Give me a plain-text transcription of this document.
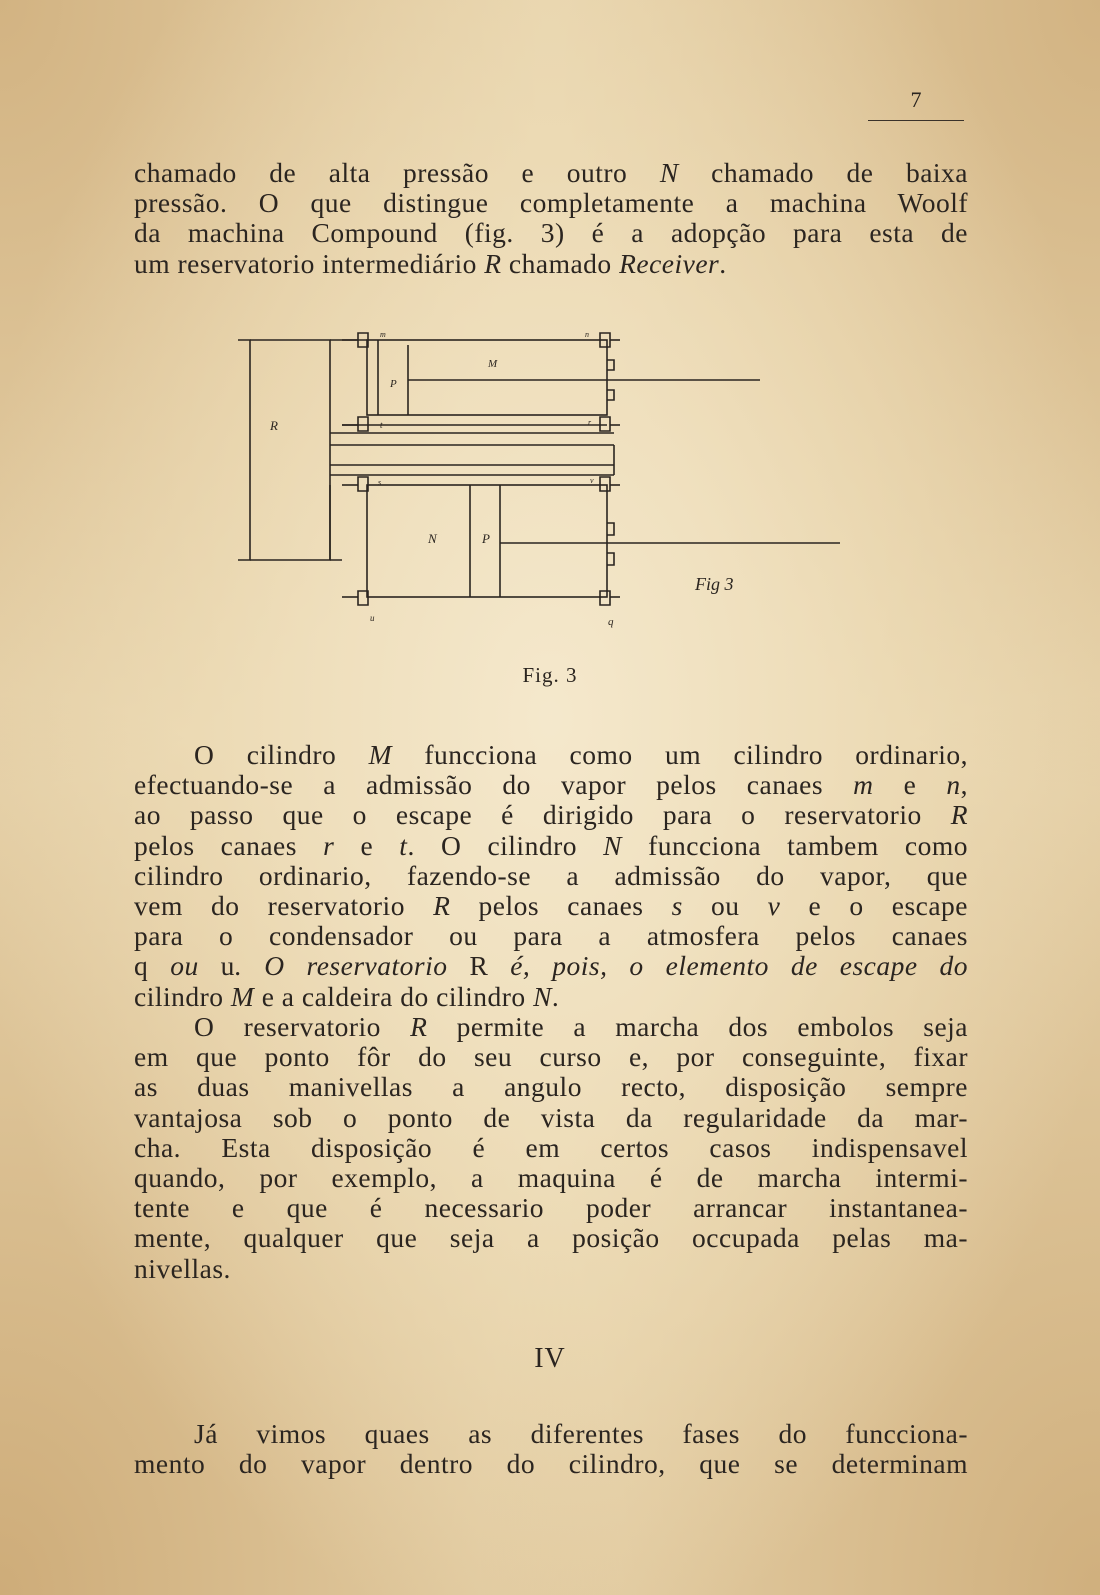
7
chamado de alta pressão e outro N chamado de baixa
pressão. O que distingue completamente a machina Woolf
da machina Compound (fig. 3) é a adopção para esta de
um reservatorio intermediário R chamado Receiver.
R
M
P
N	P
m	n
t	r
s	v
u	q
Fig 3
Fig. 3
O cilindro M funcciona como um cilindro ordinario,
efectuando-se a admissão do vapor pelos canaes m e n,
ao passo que o escape é dirigido para o reservatorio R
pelos canaes r e t. O cilindro N funcciona tambem como
cilindro ordinario, fazendo-se a admissão do vapor, que
vem do reservatorio R pelos canaes s ou v e o escape
para o condensador ou para a atmosfera pelos canaes
q ou u. O reservatorio R é, pois, o elemento de escape do
cilindro M e a caldeira do cilindro N.
O reservatorio R permite a marcha dos embolos seja
em que ponto fôr do seu curso e, por conseguinte, fixar
as duas manivellas a angulo recto, disposição sempre
vantajosa sob o ponto de vista da regularidade da mar-
cha. Esta disposição é em certos casos indispensavel
quando, por exemplo, a maquina é de marcha intermi-
tente e que é necessario poder arrancar instantanea-
mente, qualquer que seja a posição occupada pelas ma-
nivellas.
IV
Já vimos quaes as diferentes fases do funcciona-
mento do vapor dentro do cilindro, que se determinam
